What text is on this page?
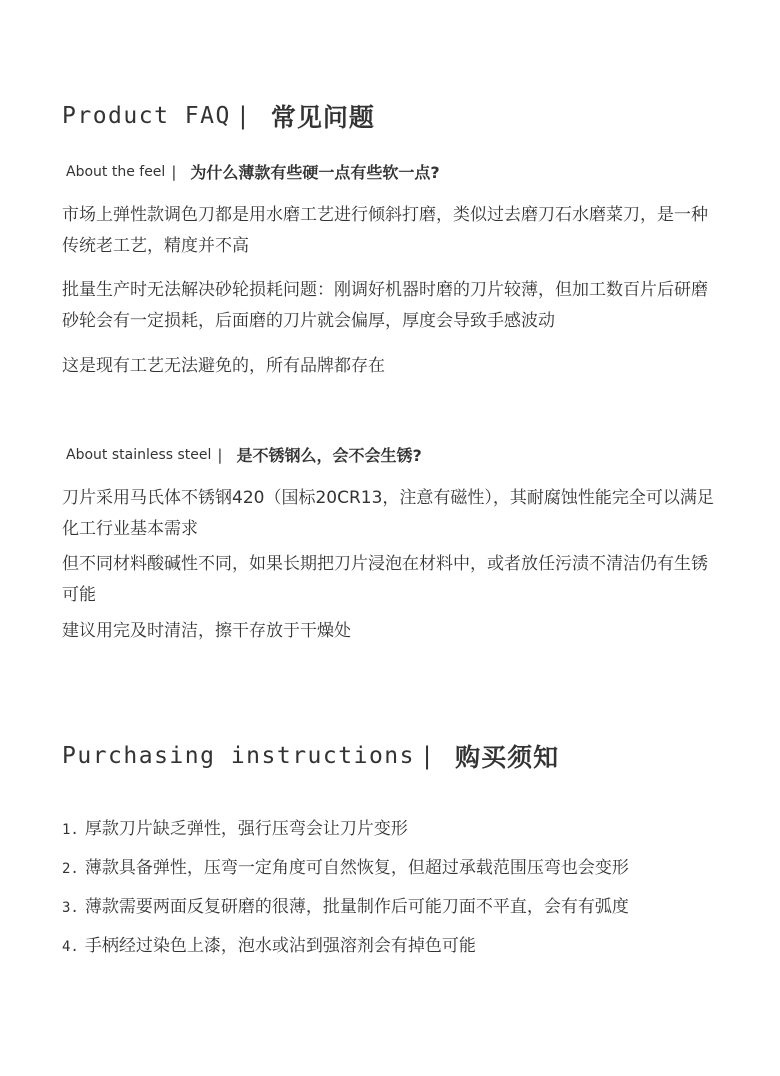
Product FAQ | 常见问题
About the feel | 为什么薄款有些硬一点有些软一点?
市场上弹性款调色刀都是用水磨工艺进行倾斜打磨，类似过去磨刀石水磨菜刀，是一种传统老工艺，精度并不高
批量生产时无法解决砂轮损耗问题：刚调好机器时磨的刀片较薄，但加工数百片后研磨砂轮会有一定损耗，后面磨的刀片就会偏厚，厚度会导致手感波动
这是现有工艺无法避免的，所有品牌都存在
About stainless steel | 是不锈钢么，会不会生锈?
刀片采用马氏体不锈钢420（国标20CR13，注意有磁性），其耐腐蚀性能完全可以满足化工行业基本需求
但不同材料酸碱性不同，如果长期把刀片浸泡在材料中，或者放任污渍不清洁仍有生锈可能
建议用完及时清洁，擦干存放于干燥处
Purchasing instructions | 购买须知
1. 厚款刀片缺乏弹性，强行压弯会让刀片变形
2. 薄款具备弹性，压弯一定角度可自然恢复，但超过承载范围压弯也会变形
3. 薄款需要两面反复研磨的很薄，批量制作后可能刀面不平直，会有有弧度
4. 手柄经过染色上漆，泡水或沾到强溶剂会有掉色可能
